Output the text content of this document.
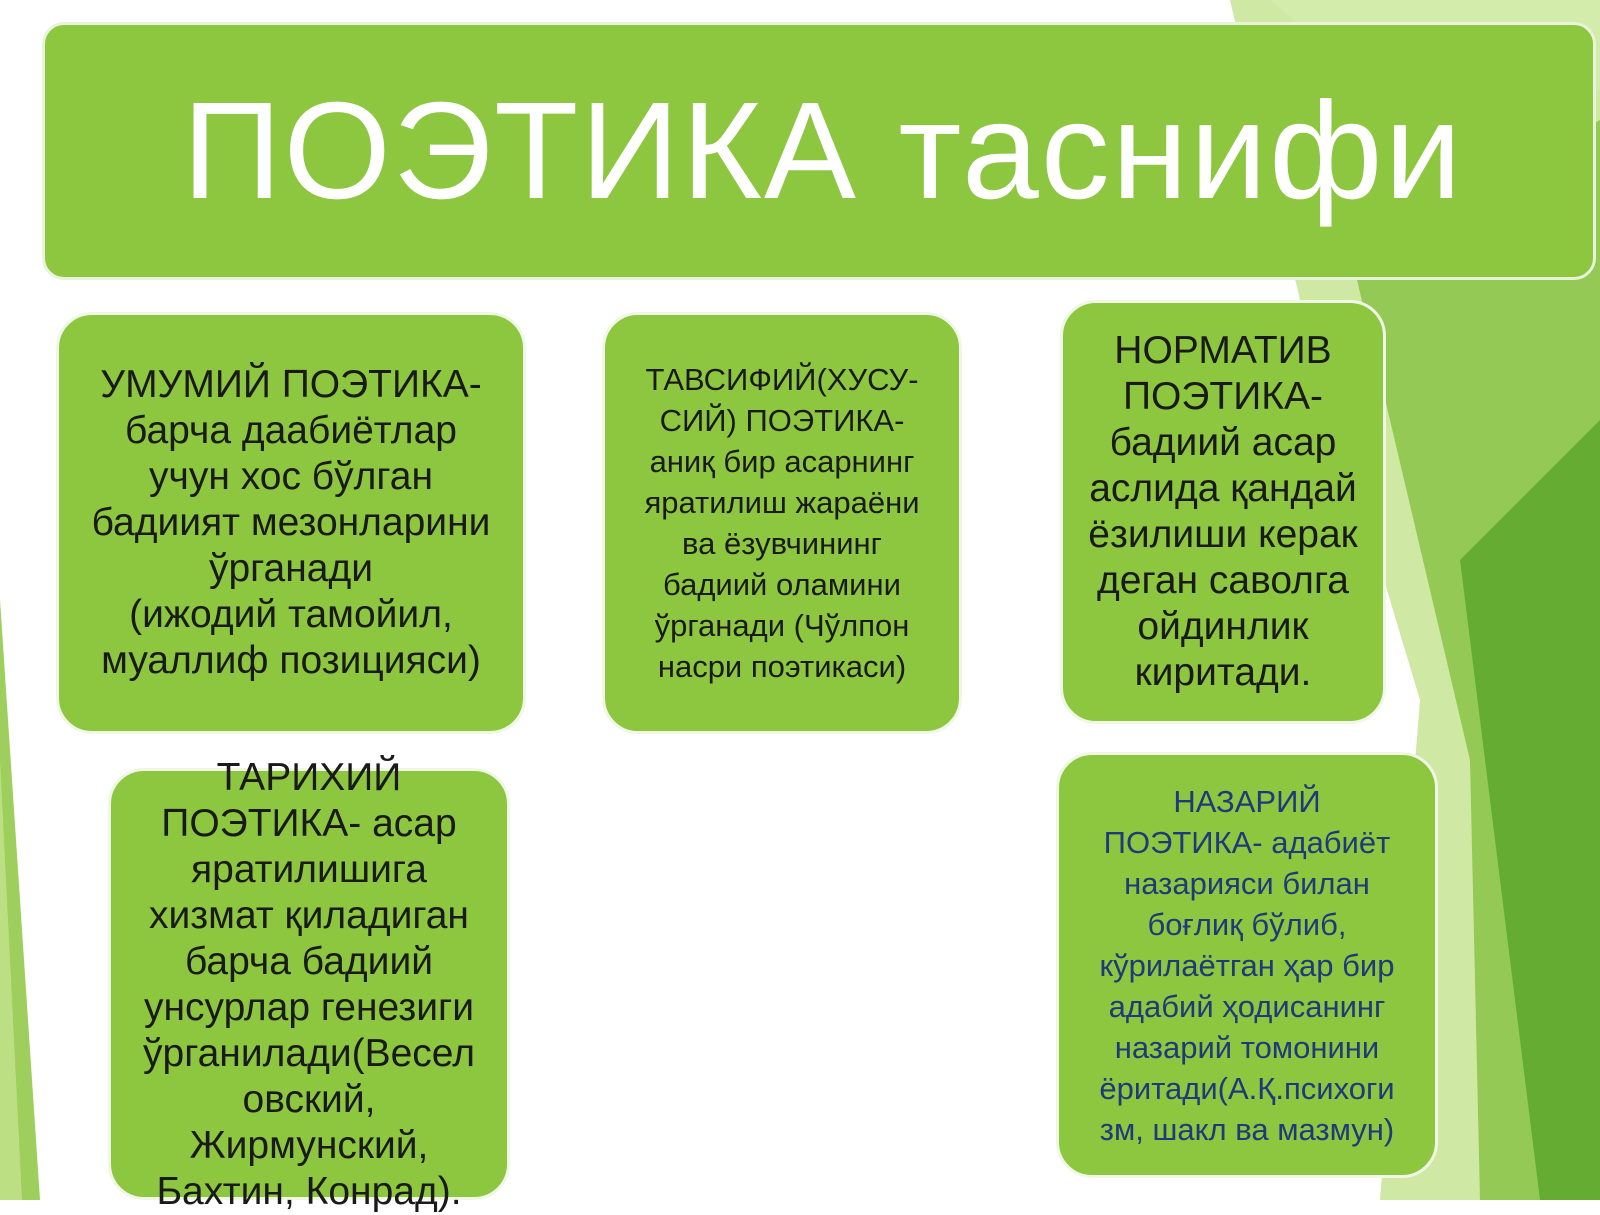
ПОЭТИКА таснифи
УМУМИЙ ПОЭТИКА-
барча даабиётлар
учун хос бўлган
бадиият мезонларини
ўрганади
(ижодий тамойил,
муаллиф позицияси)
ТАВСИФИЙ(ХУСУ-
СИЙ) ПОЭТИКА-
аниқ бир асарнинг
яратилиш жараёни
ва ёзувчининг
бадиий оламини
ўрганади (Чўлпон
насри поэтикаси)
НОРМАТИВ
ПОЭТИКА-
бадиий асар
аслида қандай
ёзилиши керак
деган саволга
ойдинлик
киритади.
ТАРИХИЙ
ПОЭТИКА- асар
яратилишига
хизмат қиладиган
барча бадиий
унсурлар генезиги
ўрганилади(Весел
овский,
Жирмунский,
Бахтин, Конрад).
НАЗАРИЙ
ПОЭТИКА- адабиёт
назарияси билан
боғлиқ бўлиб,
кўрилаётган ҳар бир
адабий ҳодисанинг
назарий томонини
ёритади(А.Қ.психоги
зм, шакл ва мазмун)
